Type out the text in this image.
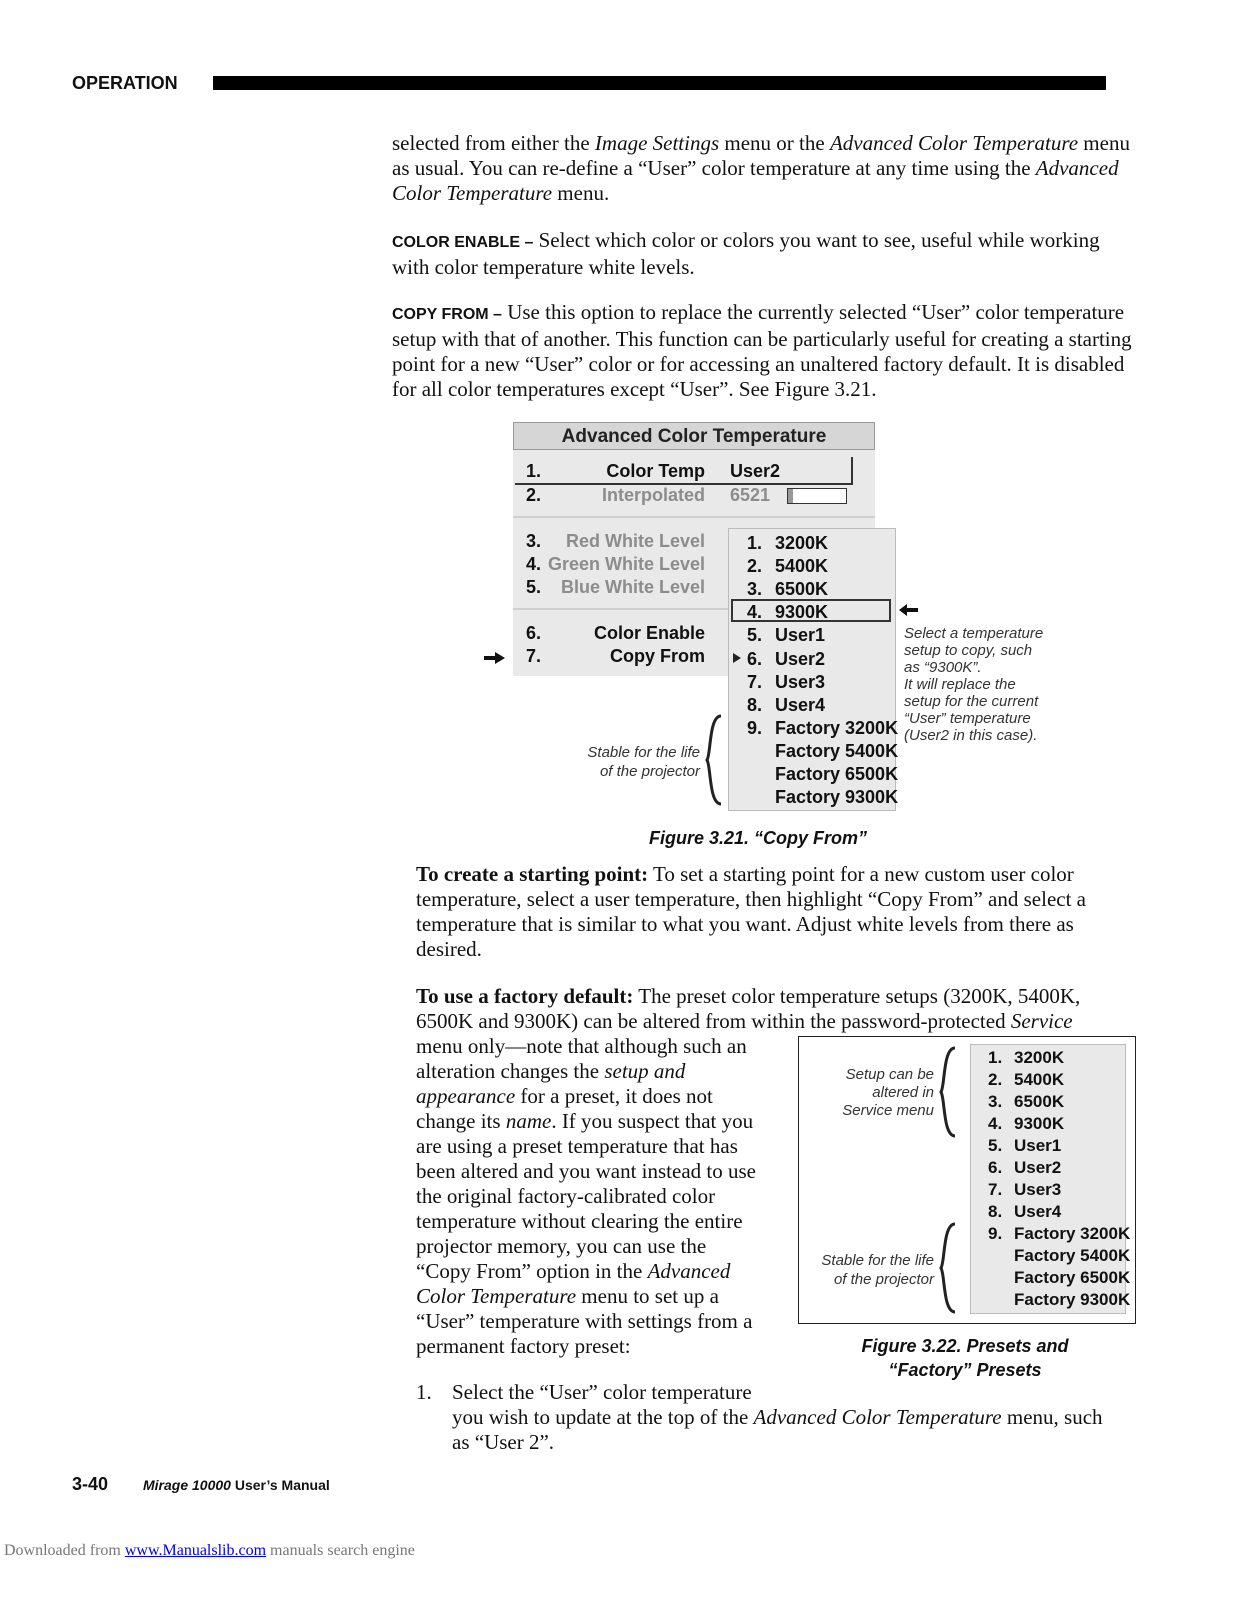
OPERATION
selected from either the Image Settings menu or the Advanced Color Temperature menu as usual. You can re-define a “User” color temperature at any time using the Advanced Color Temperature menu.
COLOR ENABLE – Select which color or colors you want to see, useful while working with color temperature white levels.
COPY FROM – Use this option to replace the currently selected “User” color temperature setup with that of another. This function can be particularly useful for creating a starting point for a new “User” color or for accessing an unaltered factory default. It is disabled for all color temperatures except “User”. See Figure 3.21.
Advanced Color Temperature
1.	Color Temp User2
2.	Interpolated 6521
3.	Red White Level
4. Green White Level
5.	Blue White Level
6.	Color Enable
7.	Copy From
1. 3200K
2. 5400K
3. 6500K
4. 9300K
5. User1
6. User2
7. User3
8. User4
9. Factory 3200K
Factory 5400K
Factory 6500K
Factory 9300K
Select a temperature
setup to copy, such
as “9300K”.
It will replace the
setup for the current
“User” temperature
(User2 in this case).
Stable for the life
of the projector
Figure 3.21. “Copy From”
To create a starting point: To set a starting point for a new custom user color temperature, select a user temperature, then highlight “Copy From” and select a temperature that is similar to what you want. Adjust white levels from there as desired.
To use a factory default: The preset color temperature setups (3200K, 5400K,
6500K and 9300K) can be altered from within the password-protected Service
menu only—note that although such an
alteration changes the setup and
appearance for a preset, it does not
change its name. If you suspect that you
are using a preset temperature that has
been altered and you want instead to use
the original factory-calibrated color
temperature without clearing the entire
projector memory, you can use the
“Copy From” option in the Advanced
Color Temperature menu to set up a
“User” temperature with settings from a
permanent factory preset:
1. 3200K
2. 5400K
3. 6500K
4. 9300K
5. User1
6. User2
7. User3
8. User4
9. Factory 3200K
Factory 5400K
Factory 6500K
Factory 9300K
Setup can be
altered in
Service menu
Stable for the life
of the projector
Figure 3.22. Presets and
“Factory” Presets
1. Select the “User” color temperature
you wish to update at the top of the Advanced Color Temperature menu, such
as “User 2”.
3-40 Mirage 10000 User’s Manual
Downloaded from www.Manualslib.com manuals search engine
